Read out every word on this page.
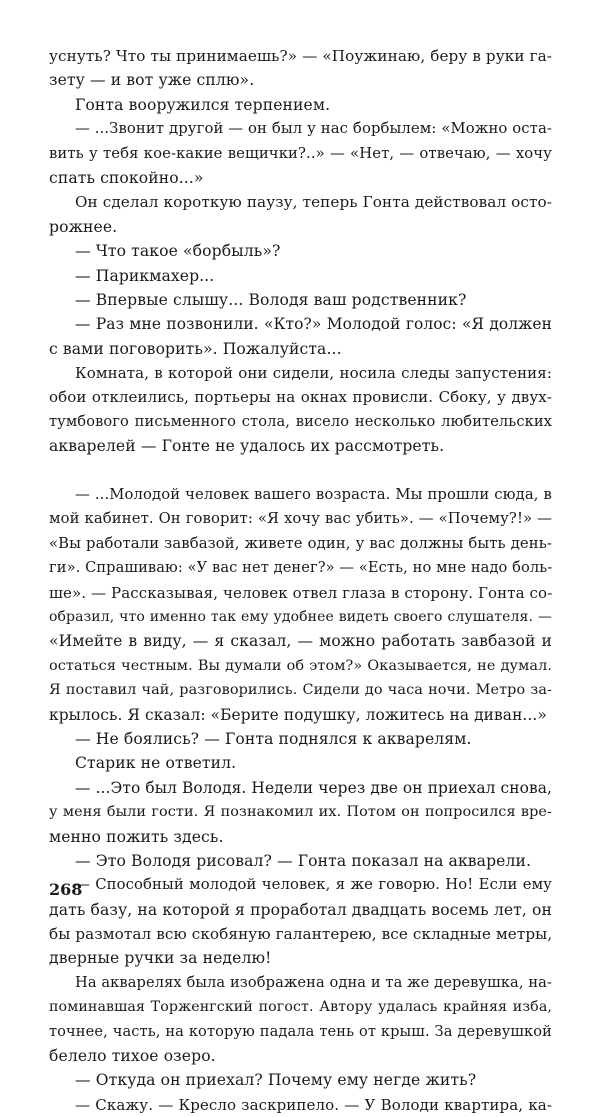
уснуть? Что ты принимаешь?» — «Поужинаю, беру в руки га-
зету — и вот уже сплю».
Гонта вооружился терпением.
— ...Звонит другой — он был у нас борбылем: «Можно оста-
вить у тебя кое-какие вещички?..» — «Нет, — отвечаю, — хочу
спать спокойно...»
Он сделал короткую паузу, теперь Гонта действовал осто-
рожнее.
— Что такое «борбыль»?
— Парикмахер...
— Впервые слышу... Володя ваш родственник?
— Раз мне позвонили. «Кто?» Молодой голос: «Я должен
с вами поговорить». Пожалуйста...
Комната, в которой они сидели, носила следы запустения:
обои отклеились, портьеры на окнах провисли. Сбоку, у двух-
тумбового письменного стола, висело несколько любительских
акварелей — Гонте не удалось их рассмотреть.
— ...Молодой человек вашего возраста. Мы прошли сюда, в
мой кабинет. Он говорит: «Я хочу вас убить». — «Почему?!» —
«Вы работали завбазой, живете один, у вас должны быть день-
ги». Спрашиваю: «У вас нет денег?» — «Есть, но мне надо боль-
ше». — Рассказывая, человек отвел глаза в сторону. Гонта со-
образил, что именно так ему удобнее видеть своего слушателя. —
«Имейте в виду, — я сказал, — можно работать завбазой и
остаться честным. Вы думали об этом?» Оказывается, не думал.
Я поставил чай, разговорились. Сидели до часа ночи. Метро за-
крылось. Я сказал: «Берите подушку, ложитесь на диван...»
— Не боялись? — Гонта поднялся к акварелям.
Старик не ответил.
— ...Это был Володя. Недели через две он приехал снова,
у меня были гости. Я познакомил их. Потом он попросился вре-
менно пожить здесь.
— Это Володя рисовал? — Гонта показал на акварели.
— Способный молодой человек, я же говорю. Но! Если ему
дать базу, на которой я проработал двадцать восемь лет, он
бы размотал всю скобяную галантерею, все складные метры,
дверные ручки за неделю!
На акварелях была изображена одна и та же деревушка, на-
поминавшая Торженгский погост. Автору удалась крайняя изба,
точнее, часть, на которую падала тень от крыш. За деревушкой
белело тихое озеро.
— Откуда он приехал? Почему ему негде жить?
— Скажу. — Кресло заскрипело. — У Володи квартира, ка-
268
